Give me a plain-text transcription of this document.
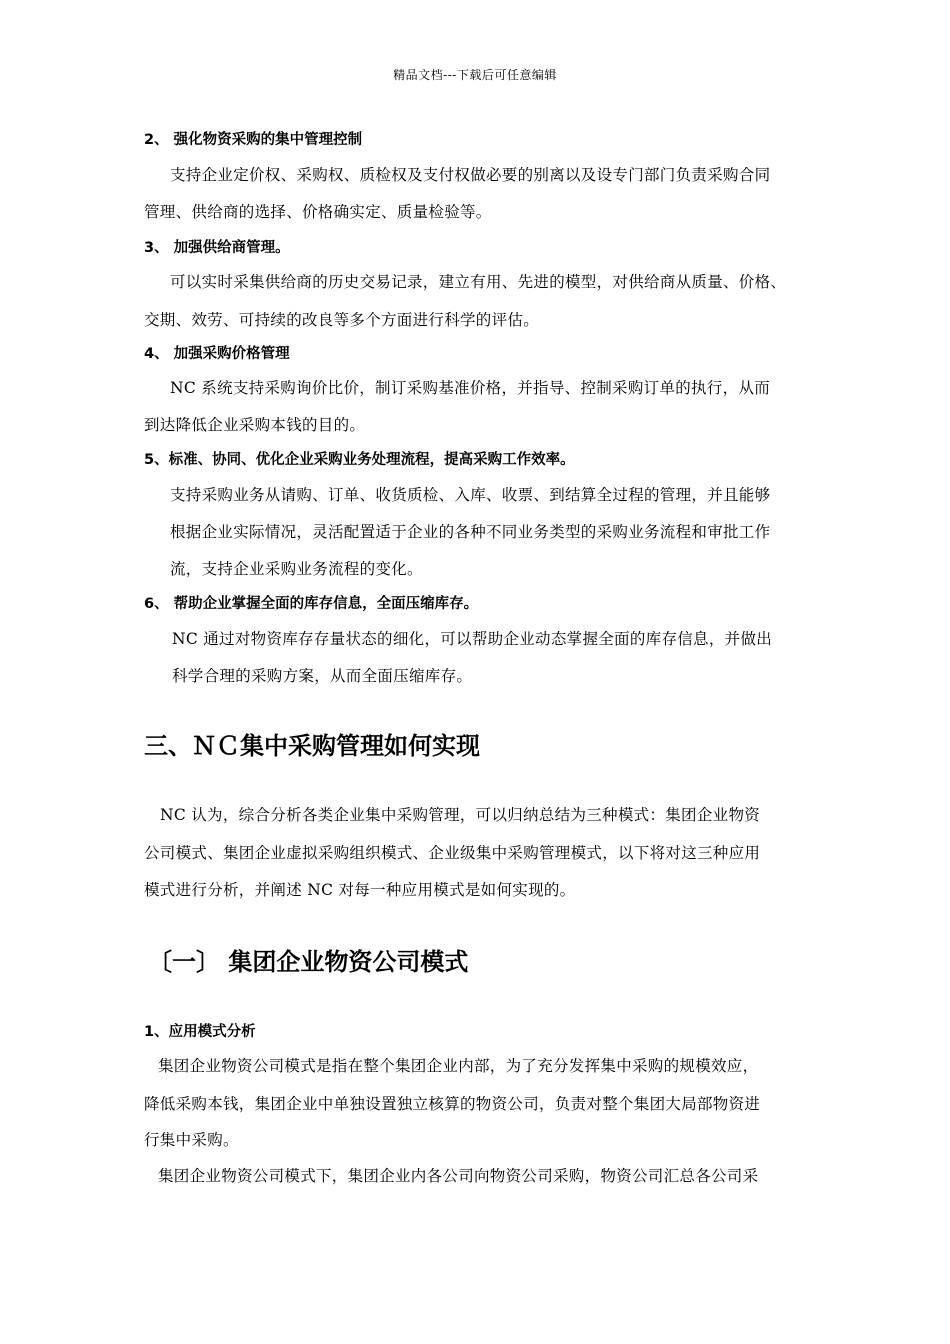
精品文档---下载后可任意编辑
2、 强化物资采购的集中管理控制
支持企业定价权、采购权、质检权及支付权做必要的别离以及设专门部门负责采购合同
管理、供给商的选择、价格确实定、质量检验等。
3、 加强供给商管理。
可以实时采集供给商的历史交易记录，建立有用、先进的模型，对供给商从质量、价格、
交期、效劳、可持续的改良等多个方面进行科学的评估。
4、 加强采购价格管理
NC 系统支持采购询价比价，制订采购基准价格，并指导、控制采购订单的执行，从而
到达降低企业采购本钱的目的。
5、标准、协同、优化企业采购业务处理流程，提高采购工作效率。
支持采购业务从请购、订单、收货质检、入库、收票、到结算全过程的管理，并且能够
根据企业实际情况，灵活配置适于企业的各种不同业务类型的采购业务流程和审批工作
流，支持企业采购业务流程的变化。
6、 帮助企业掌握全面的库存信息，全面压缩库存。
NC 通过对物资库存存量状态的细化，可以帮助企业动态掌握全面的库存信息，并做出
科学合理的采购方案，从而全面压缩库存。
三、ＮＣ集中采购管理如何实现
NC 认为，综合分析各类企业集中采购管理，可以归纳总结为三种模式：集团企业物资
公司模式、集团企业虚拟采购组织模式、企业级集中采购管理模式，以下将对这三种应用
模式进行分析，并阐述 NC 对每一种应用模式是如何实现的。
〔一〕 集团企业物资公司模式
1、应用模式分析
集团企业物资公司模式是指在整个集团企业内部，为了充分发挥集中采购的规模效应，
降低采购本钱，集团企业中单独设置独立核算的物资公司，负责对整个集团大局部物资进
行集中采购。
集团企业物资公司模式下，集团企业内各公司向物资公司采购，物资公司汇总各公司采
